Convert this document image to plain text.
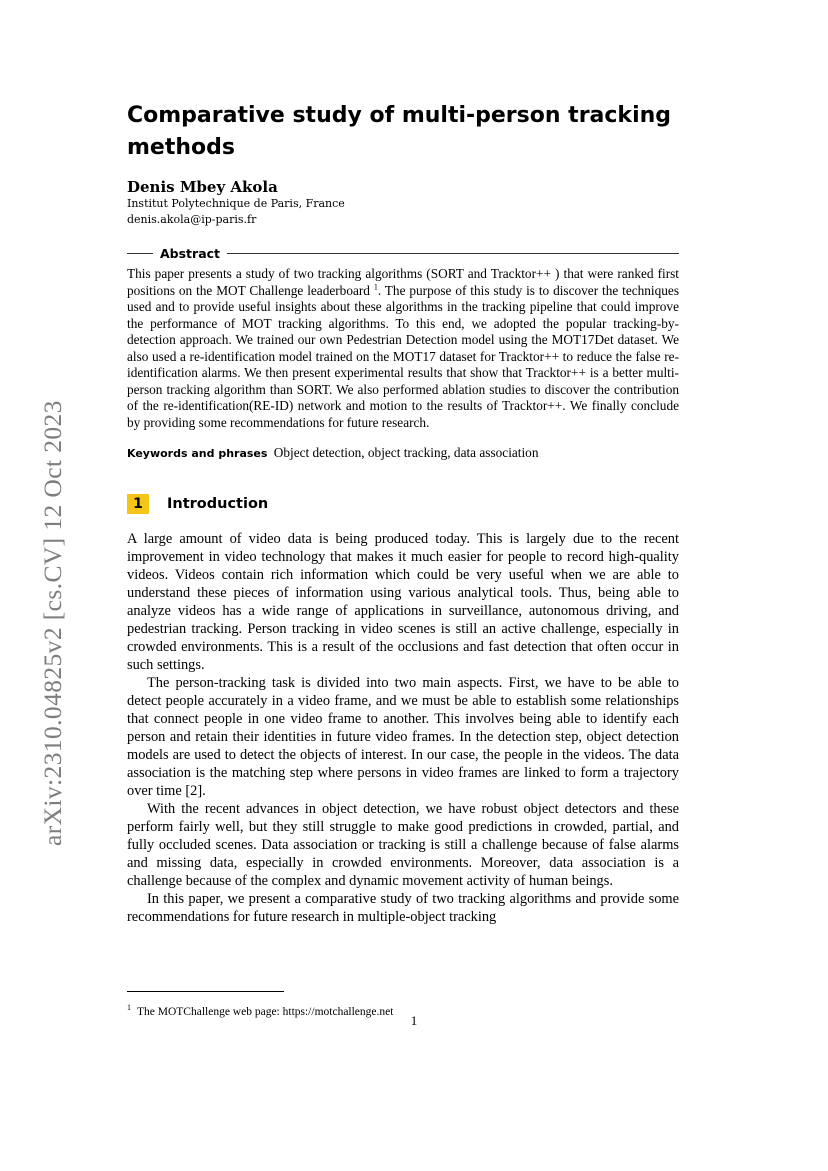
arXiv:2310.04825v2 [cs.CV] 12 Oct 2023
Comparative study of multi-person tracking methods

Denis Mbey Akola

Institut Polytechnique de Paris, France

denis.akola@ip-paris.fr

Abstract

This paper presents a study of two tracking algorithms (SORT and Tracktor++ ) that were ranked first positions on the MOT Challenge leaderboard $^1$. The purpose of this study is to discover the techniques used and to provide useful insights about these algorithms in the tracking pipeline that could improve the performance of MOT tracking algorithms. To this end, we adopted the popular tracking-by-detection approach. We trained our own Pedestrian Detection model using the MOT17Det dataset. We also used a re-identification model trained on the MOT17 dataset for Tracktor++ to reduce the false re-identification alarms. We then present experimental results that show that Tracktor++ is a better multi-person tracking algorithm than SORT. We also performed ablation studies to discover the contribution of the re-identification(RE-ID) network and motion to the results of Tracktor++. We finally conclude by providing some recommendations for future research.

Keywords and phrases Object detection, object tracking, data association
1	Introduction

A large amount of video data is being produced today. This is largely due to the recent improvement in video technology that makes it much easier for people to record high-quality videos. Videos contain rich information which could be very useful when we are able to understand these pieces of information using various analytical tools. Thus, being able to analyze videos has a wide range of applications in surveillance, autonomous driving, and pedestrian tracking. Person tracking in video scenes is still an active challenge, especially in crowded environments. This is a result of the occlusions and fast detection that often occur in such settings.

The person-tracking task is divided into two main aspects. First, we have to be able to detect people accurately in a video frame, and we must be able to establish some relationships that connect people in one video frame to another. This involves being able to identify each person and retain their identities in future video frames. In the detection step, object detection models are used to detect the objects of interest. In our case, the people in the videos. The data association is the matching step where persons in video frames are linked to form a trajectory over time [2].

With the recent advances in object detection, we have robust object detectors and these perform fairly well, but they still struggle to make good predictions in crowded, partial, and fully occluded scenes. Data association or tracking is still a challenge because of false alarms and missing data, especially in crowded environments. Moreover, data association is a challenge because of the complex and dynamic movement activity of human beings.

In this paper, we present a comparative study of two tracking algorithms and provide some recommendations for future research in multiple-object tracking

$^1$ The MOTChallenge web page: https://motchallenge.net
1
